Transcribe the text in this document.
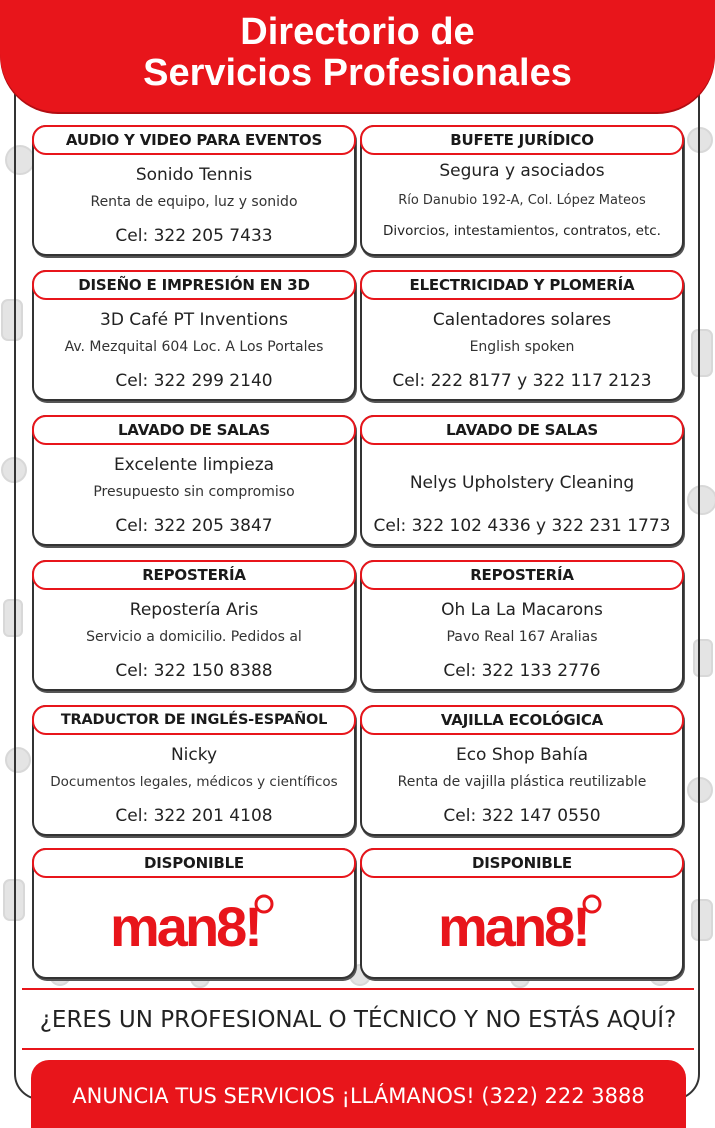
Directorio de
Servicios Profesionales
AUDIO Y VIDEO PARA EVENTOS
Sonido Tennis
Renta de equipo, luz y sonido
Cel: 322 205 7433
BUFETE JURÍDICO
Segura y asociados
Río Danubio 192-A, Col. López Mateos
Divorcios, intestamientos, contratos, etc.
DISEÑO E IMPRESIÓN EN 3D
3D Café PT Inventions
Av. Mezquital 604 Loc. A Los Portales
Cel: 322 299 2140
ELECTRICIDAD Y PLOMERÍA
Calentadores solares
English spoken
Cel: 222 8177 y 322 117 2123
LAVADO DE SALAS
Excelente limpieza
Presupuesto sin compromiso
Cel: 322 205 3847
LAVADO DE SALAS
Nelys Upholstery Cleaning
Cel: 322 102 4336 y 322 231 1773
REPOSTERÍA
Repostería Aris
Servicio a domicilio. Pedidos al
Cel: 322 150 8388
REPOSTERÍA
Oh La La Macarons
Pavo Real 167 Aralias
Cel: 322 133 2776
TRADUCTOR DE INGLÉS-ESPAÑOL
Nicky
Documentos legales, médicos y científicos
Cel: 322 201 4108
VAJILLA ECOLÓGICA
Eco Shop Bahía
Renta de vajilla plástica reutilizable
Cel: 322 147 0550
DISPONIBLE
man8!
DISPONIBLE
man8!
¿ERES UN PROFESIONAL O TÉCNICO Y NO ESTÁS AQUÍ?
ANUNCIA TUS SERVICIOS ¡LLÁMANOS! (322) 222 3888
